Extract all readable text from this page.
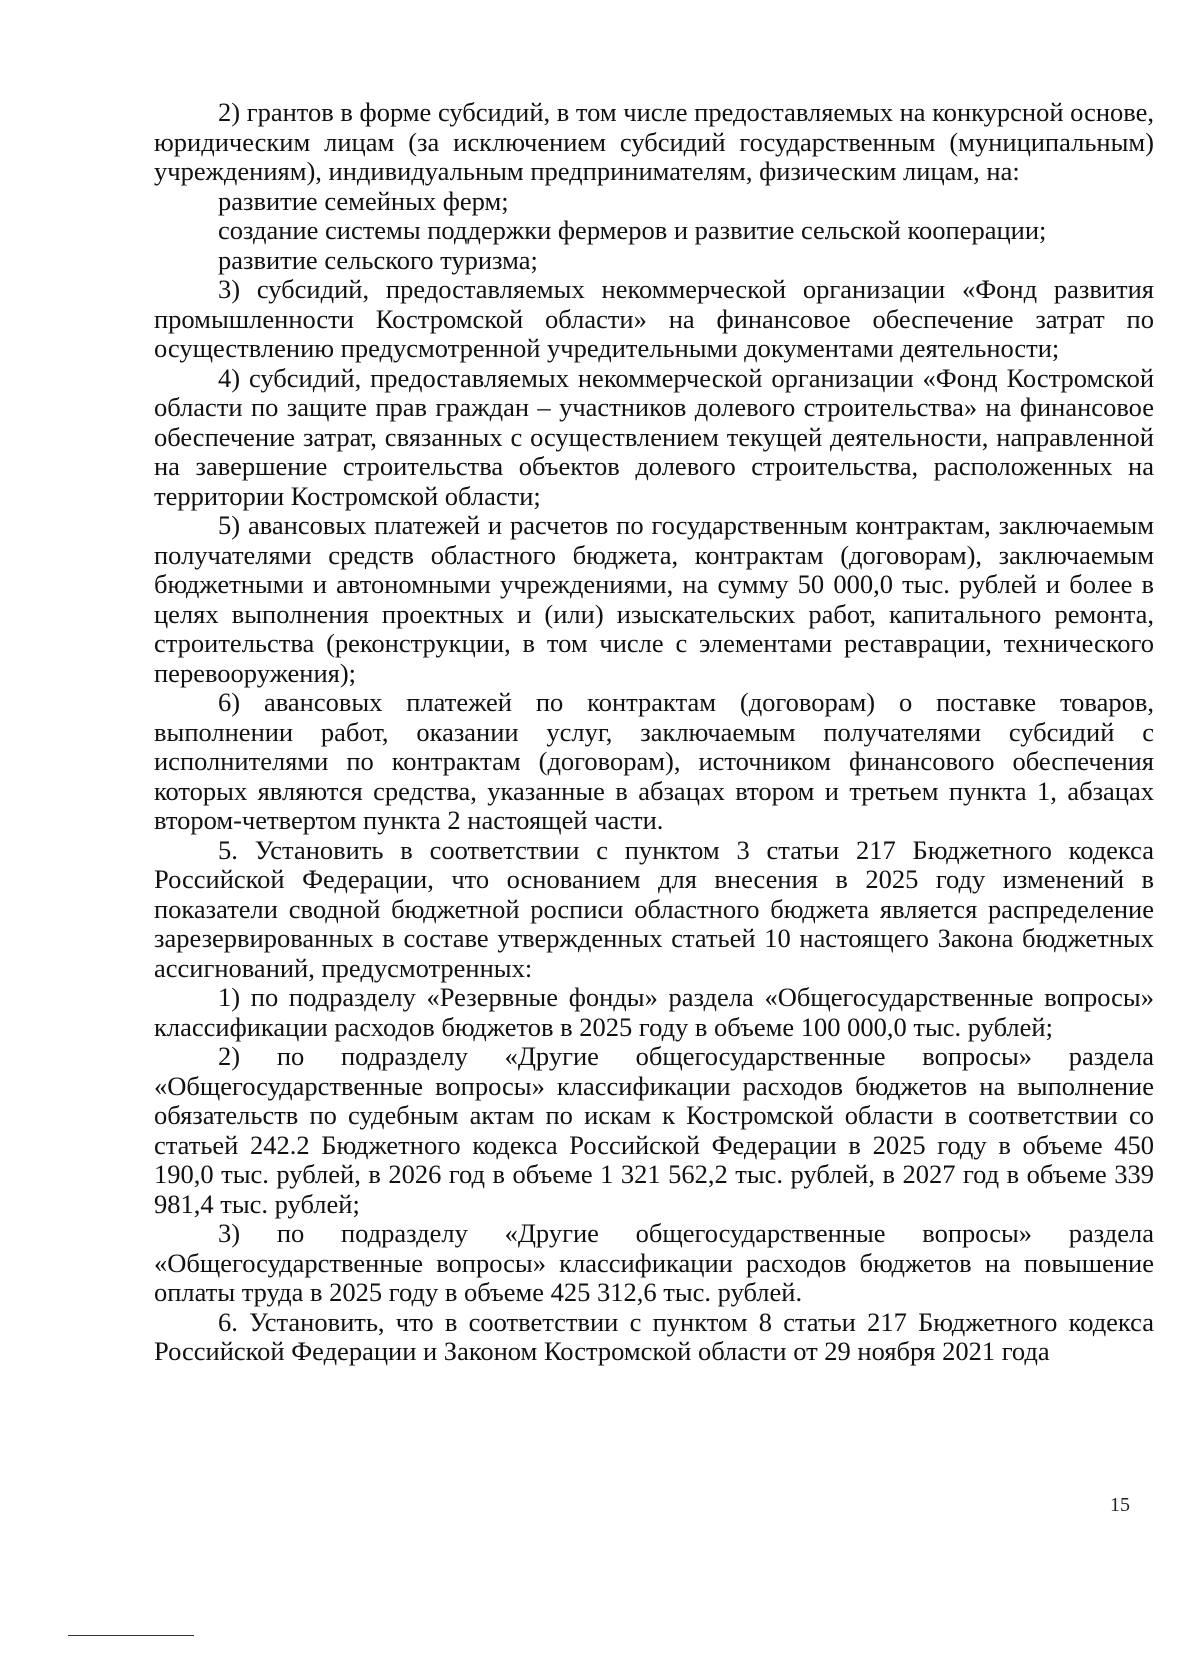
2) грантов в форме субсидий, в том числе предоставляемых на конкурсной основе, юридическим лицам (за исключением субсидий государственным (муниципальным) учреждениям), индивидуальным предпринимателям, физическим лицам, на:

развитие семейных ферм;

создание системы поддержки фермеров и развитие сельской кооперации;

развитие сельского туризма;

3) субсидий, предоставляемых некоммерческой организации «Фонд развития промышленности Костромской области» на финансовое обеспечение затрат по осуществлению предусмотренной учредительными документами деятельности;

4) субсидий, предоставляемых некоммерческой организации «Фонд Костромской области по защите прав граждан – участников долевого строительства» на финансовое обеспечение затрат, связанных с осуществлением текущей деятельности, направленной на завершение строительства объектов долевого строительства, расположенных на территории Костромской области;

5) авансовых платежей и расчетов по государственным контрактам, заключаемым получателями средств областного бюджета, контрактам (договорам), заключаемым бюджетными и автономными учреждениями, на сумму 50 000,0 тыс. рублей и более в целях выполнения проектных и (или) изыскательских работ, капитального ремонта, строительства (реконструкции, в том числе с элементами реставрации, технического перевооружения);

6) авансовых платежей по контрактам (договорам) о поставке товаров, выполнении работ, оказании услуг, заключаемым получателями субсидий с исполнителями по контрактам (договорам), источником финансового обеспечения которых являются средства, указанные в абзацах втором и третьем пункта 1, абзацах втором-четвертом пункта 2 настоящей части.

5. Установить в соответствии с пунктом 3 статьи 217 Бюджетного кодекса Российской Федерации, что основанием для внесения в 2025 году изменений в показатели сводной бюджетной росписи областного бюджета является распределение зарезервированных в составе утвержденных статьей 10 настоящего Закона бюджетных ассигнований, предусмотренных:

1) по подразделу «Резервные фонды» раздела «Общегосударственные вопросы» классификации расходов бюджетов в 2025 году в объеме 100 000,0 тыс. рублей;

2) по подразделу «Другие общегосударственные вопросы» раздела «Общегосударственные вопросы» классификации расходов бюджетов на выполнение обязательств по судебным актам по искам к Костромской области в соответствии со статьей 242.2 Бюджетного кодекса Российской Федерации в 2025 году в объеме 450 190,0 тыс. рублей, в 2026 год в объеме 1 321 562,2 тыс. рублей, в 2027 год в объеме 339 981,4 тыс. рублей;

3) по подразделу «Другие общегосударственные вопросы» раздела «Общегосударственные вопросы» классификации расходов бюджетов на повышение оплаты труда в 2025 году в объеме 425 312,6 тыс. рублей.

6. Установить, что в соответствии с пунктом 8 статьи 217 Бюджетного кодекса Российской Федерации и Законом Костромской области от 29 ноября 2021 года

15
